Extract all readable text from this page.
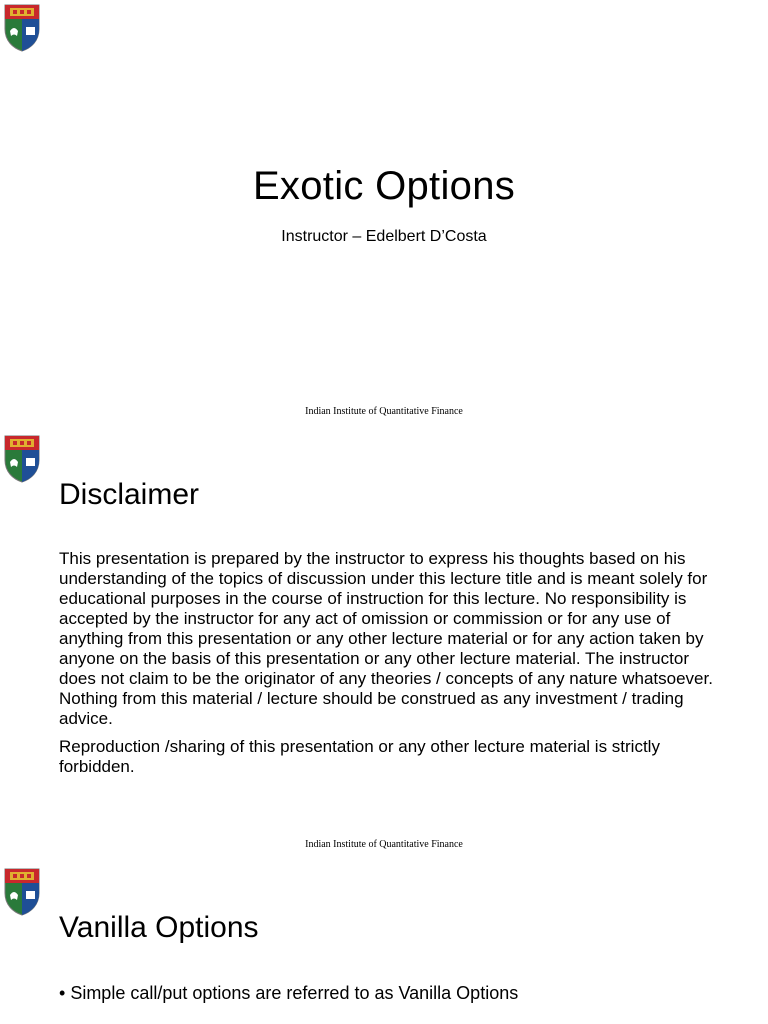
Exotic Options
Instructor – Edelbert D’Costa
Indian Institute of Quantitative Finance
Disclaimer

This presentation is prepared by the instructor to express his thoughts based on his understanding of the topics of discussion under this lecture title and is meant solely for educational purposes in the course of instruction for this lecture. No responsibility is accepted by the instructor for any act of omission or commission or for any use of anything from this presentation or any other lecture material or for any action taken by anyone on the basis of this presentation or any other lecture material. The instructor does not claim to be the originator of any theories / concepts of any nature whatsoever. Nothing from this material / lecture should be construed as any investment / trading advice.

Reproduction /sharing of this presentation or any other lecture material is strictly forbidden.

Indian Institute of Quantitative Finance
Vanilla Options
• Simple call/put options are referred to as Vanilla Options
